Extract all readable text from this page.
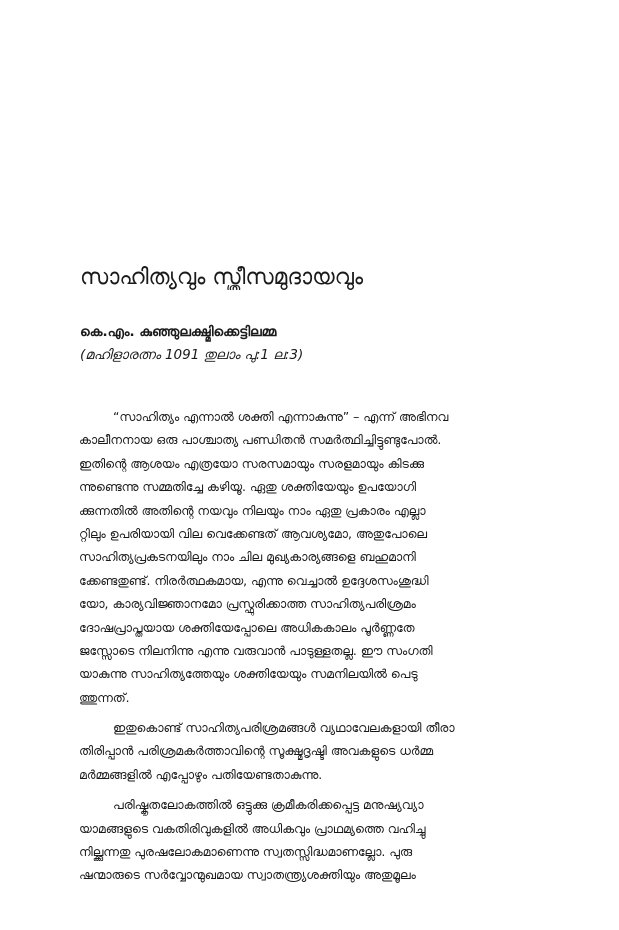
സാഹിത്യവും സ്ത്രീസമുദായവും
കെ.എം. കുഞ്ഞുലക്ഷ്മിക്കെട്ടിലമ്മ
(മഹിളാരത്നം 1091 തുലാം പു:1 ല:3)

“സാഹിത്യം എന്നാൽ ശക്തി എന്നാകുന്നു” – എന്ന് അഭിനവ
കാലീനനായ ഒരു പാശ്ചാത്യ പണ്ഡിതൻ സമർത്ഥിച്ചിട്ടുണ്ടുപോൽ.
ഇതിന്റെ ആശയം എത്രയോ സരസമായും സരളമായും കിടക്കു
ന്നുണ്ടെന്നു സമ്മതിച്ചേ കഴിയൂ. ഏതു ശക്തിയേയും ഉപയോഗി
ക്കുന്നതിൽ അതിന്റെ നയവും നിലയും നാം ഏതു പ്രകാരം എല്ലാ
റ്റിലും ഉപരിയായി വില വെക്കേണ്ടത് ആവശ്യമോ, അതുപോലെ
സാഹിത്യപ്രകടനയിലും നാം ചില മുഖ്യകാര്യങ്ങളെ ബഹുമാനി
ക്കേണ്ടതുണ്ട്. നിരർത്ഥകമായ, എന്നു വെച്ചാൽ ഉദ്ദേശസംശുദ്ധി
യോ, കാര്യവിജ്ഞാനമോ പ്രസ്ഫുരിക്കാത്ത സാഹിത്യപരിശ്രമം
ദോഷപ്രാപ്തയായ ശക്തിയേപ്പോലെ അധികകാലം പൂർണ്ണതേ
ജസ്സോടെ നിലനിന്നു എന്നു വരുവാൻ പാടുള്ളതല്ല. ഈ സംഗതി
യാകുന്നു സാഹിത്യത്തേയും ശക്തിയേയും സമനിലയിൽ പെടു
ത്തുന്നത്.

ഇതുകൊണ്ട് സാഹിത്യപരിശ്രമങ്ങൾ വ്യഥാവേലകളായി തീരാ
തിരിപ്പാൻ പരിശ്രമകർത്താവിന്റെ സൂക്ഷ്മദൃഷ്ടി അവകളുടെ ധർമ്മ
മർമ്മങ്ങളിൽ എപ്പോഴും പതിയേണ്ടതാകുന്നു.

പരിഷ്കൃതലോകത്തിൽ ഒട്ടുക്കു ക്രമീകരിക്കപ്പെട്ട മനുഷ്യവ്യാ
യാമങ്ങളുടെ വകതിരിവുകളിൽ അധികവും പ്രാഥമ്യത്തെ വഹിച്ചു
നില്ക്കുന്നതു പുരഷലോകമാണെന്നു സ്വതസ്സിദ്ധമാണല്ലോ. പുരു
ഷന്മാരുടെ സർവ്വോന്മുഖമായ സ്വാതന്ത്ര്യശക്തിയും അതുമൂലം
